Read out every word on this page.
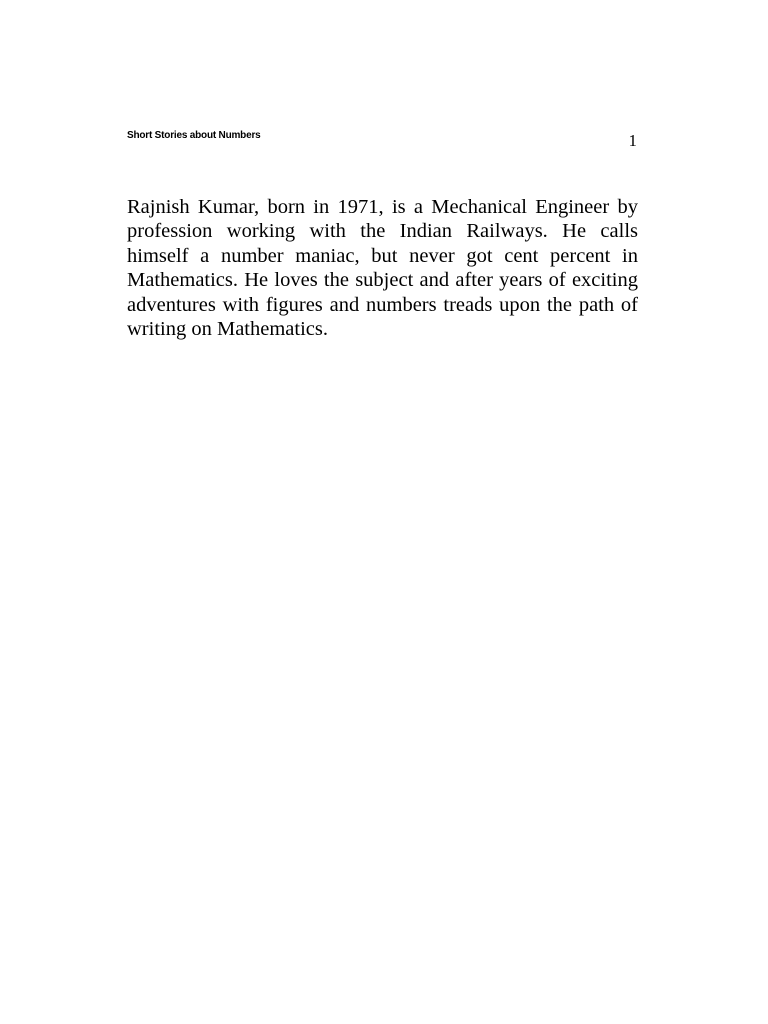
Short Stories about Numbers	1

Rajnish Kumar, born in 1971, is a Mechanical Engineer by profession working with the Indian Railways. He calls himself a number maniac, but never got cent percent in Mathematics. He loves the subject and after years of exciting adventures with figures and numbers treads upon the path of writing on Mathematics.
